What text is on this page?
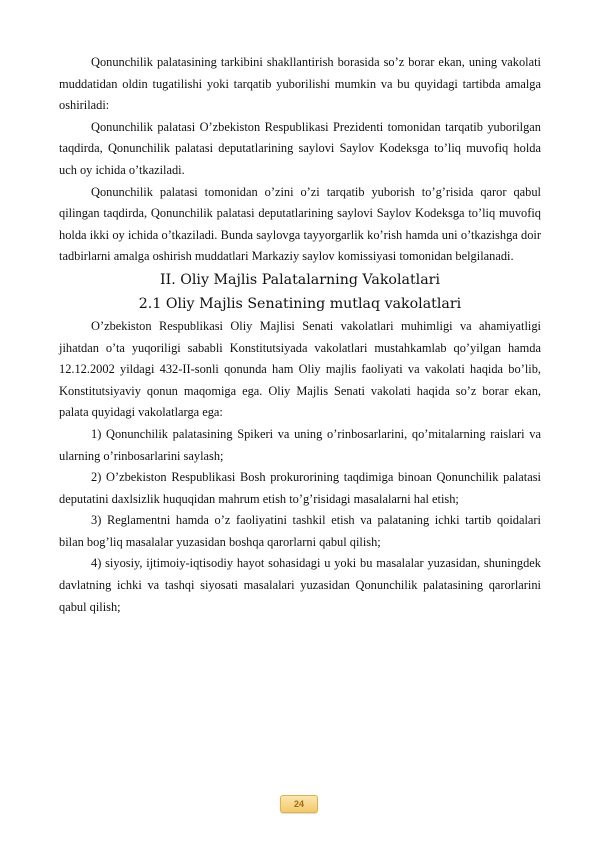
Qonunchilik palatasining tarkibini shakllantirish borasida so’z borar ekan, uning vakolati muddatidan oldin tugatilishi yoki tarqatib yuborilishi mumkin va bu quyidagi tartibda amalga oshiriladi:

Qonunchilik palatasi O’zbekiston Respublikasi Prezidenti tomonidan tarqatib yuborilgan taqdirda, Qonunchilik palatasi deputatlarining saylovi Saylov Kodeksga to’liq muvofiq holda uch oy ichida o’tkaziladi.

Qonunchilik palatasi tomonidan o’zini o’zi tarqatib yuborish to’g’risida qaror qabul qilingan taqdirda, Qonunchilik palatasi deputatlarining saylovi Saylov Kodeksga to’liq muvofiq holda ikki oy ichida o’tkaziladi. Bunda saylovga tayyorgarlik ko’rish hamda uni o’tkazishga doir tadbirlarni amalga oshirish muddatlari Markaziy saylov komissiyasi tomonidan belgilanadi.

II. Oliy Majlis Palatalarning Vakolatlari

2.1 Oliy Majlis Senatining mutlaq vakolatlari

O’zbekiston Respublikasi Oliy Majlisi Senati vakolatlari muhimligi va ahamiyatligi jihatdan o’ta yuqoriligi sababli Konstitutsiyada vakolatlari mustahkamlab qo’yilgan hamda 12.12.2002 yildagi 432-II-sonli qonunda ham Oliy majlis faoliyati va vakolati haqida bo’lib, Konstitutsiyaviy qonun maqomiga ega. Oliy Majlis Senati vakolati haqida so’z borar ekan, palata quyidagi vakolatlarga ega:

1) Qonunchilik palatasining Spikeri va uning o’rinbosarlarini, qo’mitalarning raislari va ularning o’rinbosarlarini saylash;

2) O’zbekiston Respublikasi Bosh prokurorining taqdimiga binoan Qonunchilik palatasi deputatini daxlsizlik huquqidan mahrum etish to’g’risidagi masalalarni hal etish;

3) Reglamentni hamda o’z faoliyatini tashkil etish va palataning ichki tartib qoidalari bilan bog’liq masalalar yuzasidan boshqa qarorlarni qabul qilish;

4) siyosiy, ijtimoiy-iqtisodiy hayot sohasidagi u yoki bu masalalar yuzasidan, shuningdek davlatning ichki va tashqi siyosati masalalari yuzasidan Qonunchilik palatasining qarorlarini qabul qilish;

24
